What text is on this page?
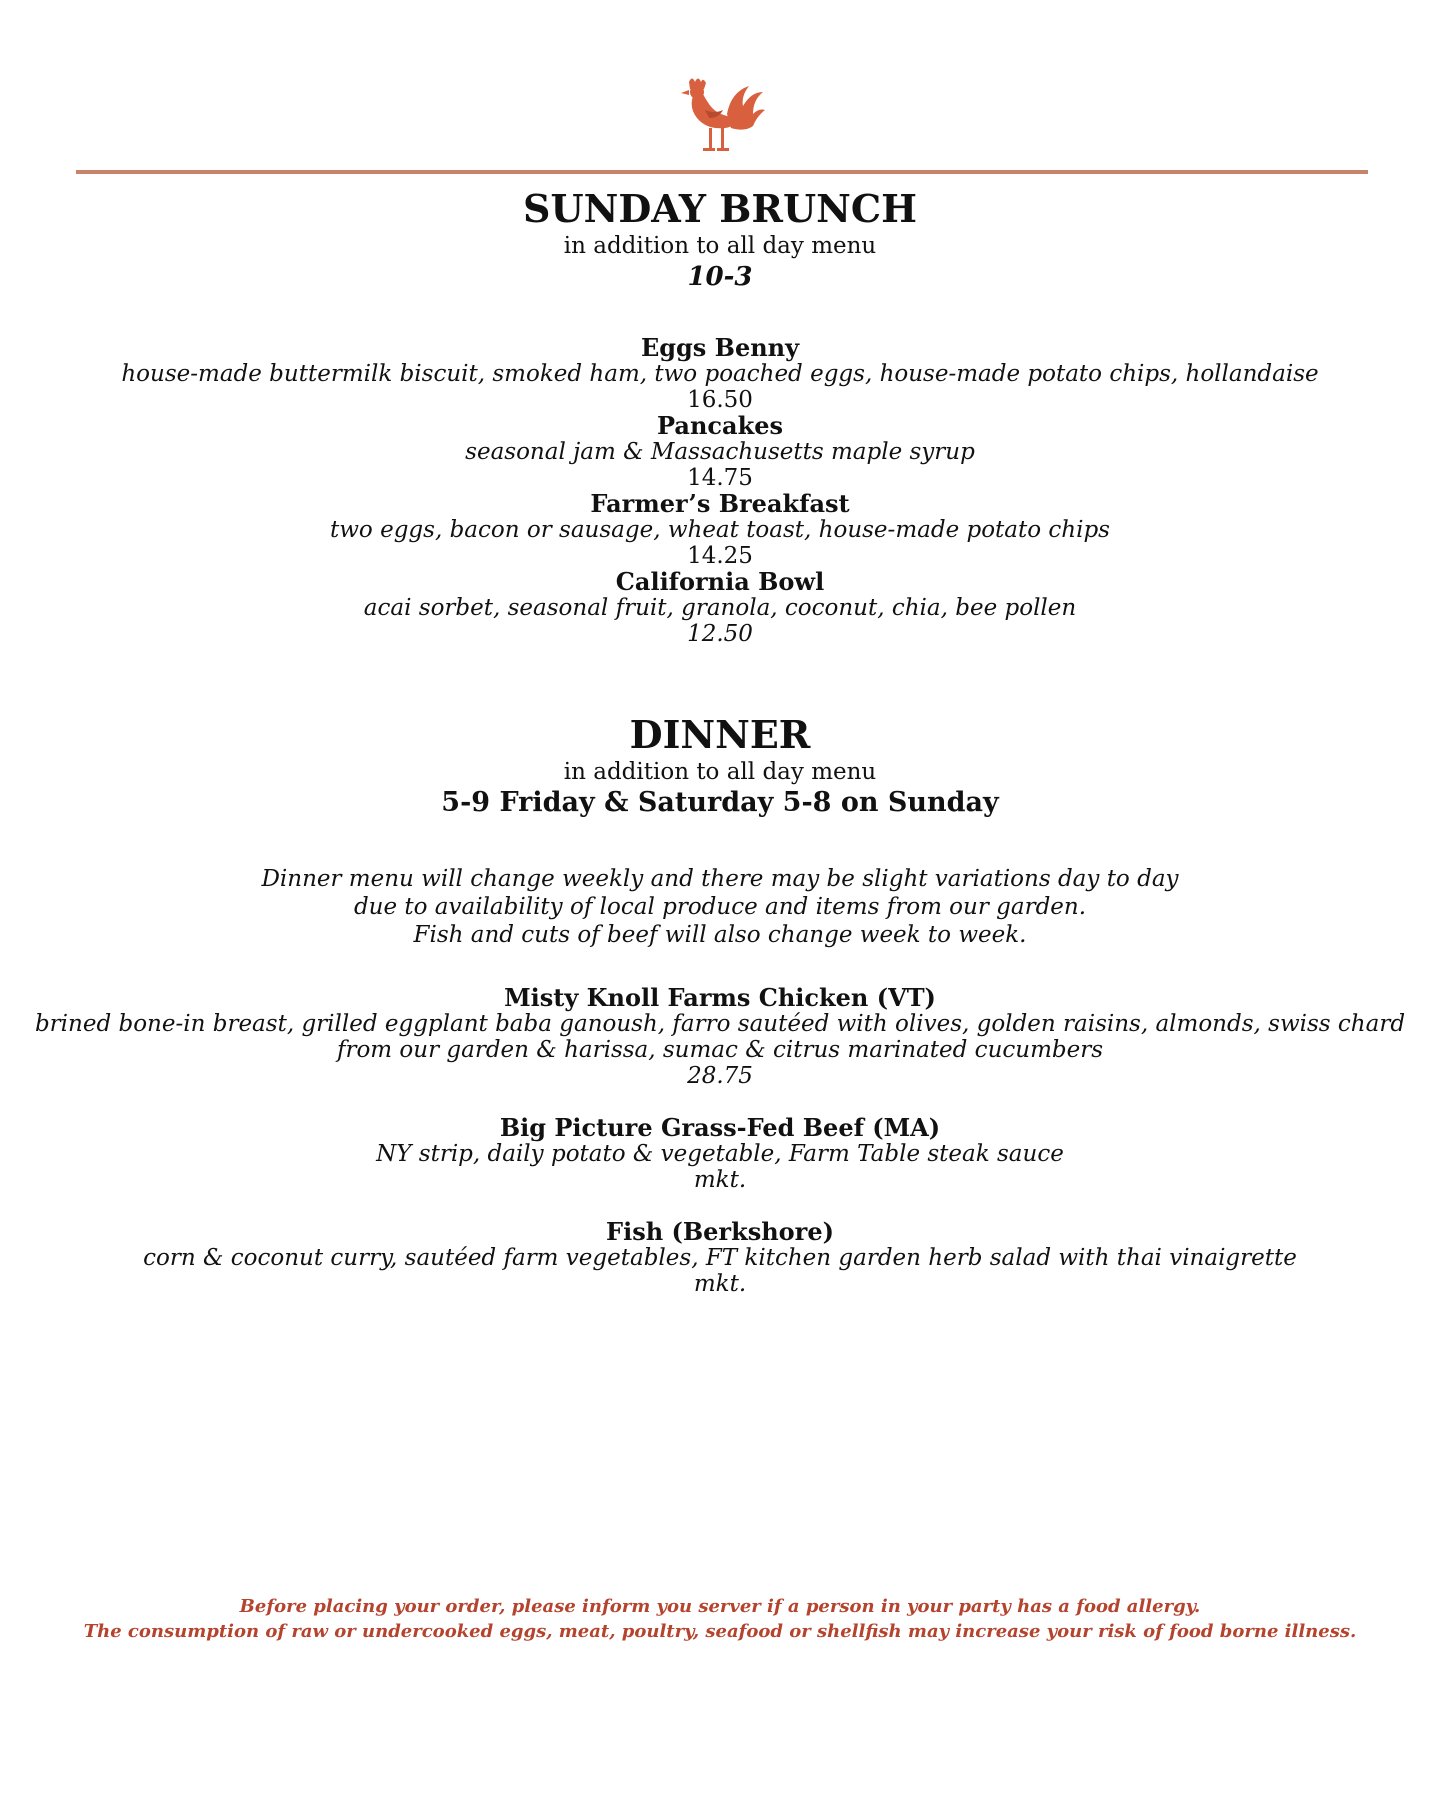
SUNDAY BRUNCH
in addition to all day menu
10-3
Eggs Benny
house-made buttermilk biscuit, smoked ham, two poached eggs, house-made potato chips, hollandaise
16.50
Pancakes
seasonal jam & Massachusetts maple syrup
14.75
Farmer’s Breakfast
two eggs, bacon or sausage, wheat toast, house-made potato chips
14.25
California Bowl
acai sorbet, seasonal fruit, granola, coconut, chia, bee pollen
12.50
DINNER
in addition to all day menu
5-9 Friday & Saturday 5-8 on Sunday
Dinner menu will change weekly and there may be slight variations day to day
due to availability of local produce and items from our garden.
Fish and cuts of beef will also change week to week.
Misty Knoll Farms Chicken (VT)
brined bone-in breast, grilled eggplant baba ganoush, farro sautéed with olives, golden raisins, almonds, swiss chard
from our garden & harissa, sumac & citrus marinated cucumbers
28.75
Big Picture Grass-Fed Beef (MA)
NY strip, daily potato & vegetable, Farm Table steak sauce
mkt.
Fish (Berkshore)
corn & coconut curry, sautéed farm vegetables, FT kitchen garden herb salad with thai vinaigrette
mkt.
Before placing your order, please inform you server if a person in your party has a food allergy.
The consumption of raw or undercooked eggs, meat, poultry, seafood or shellfish may increase your risk of food borne illness.
